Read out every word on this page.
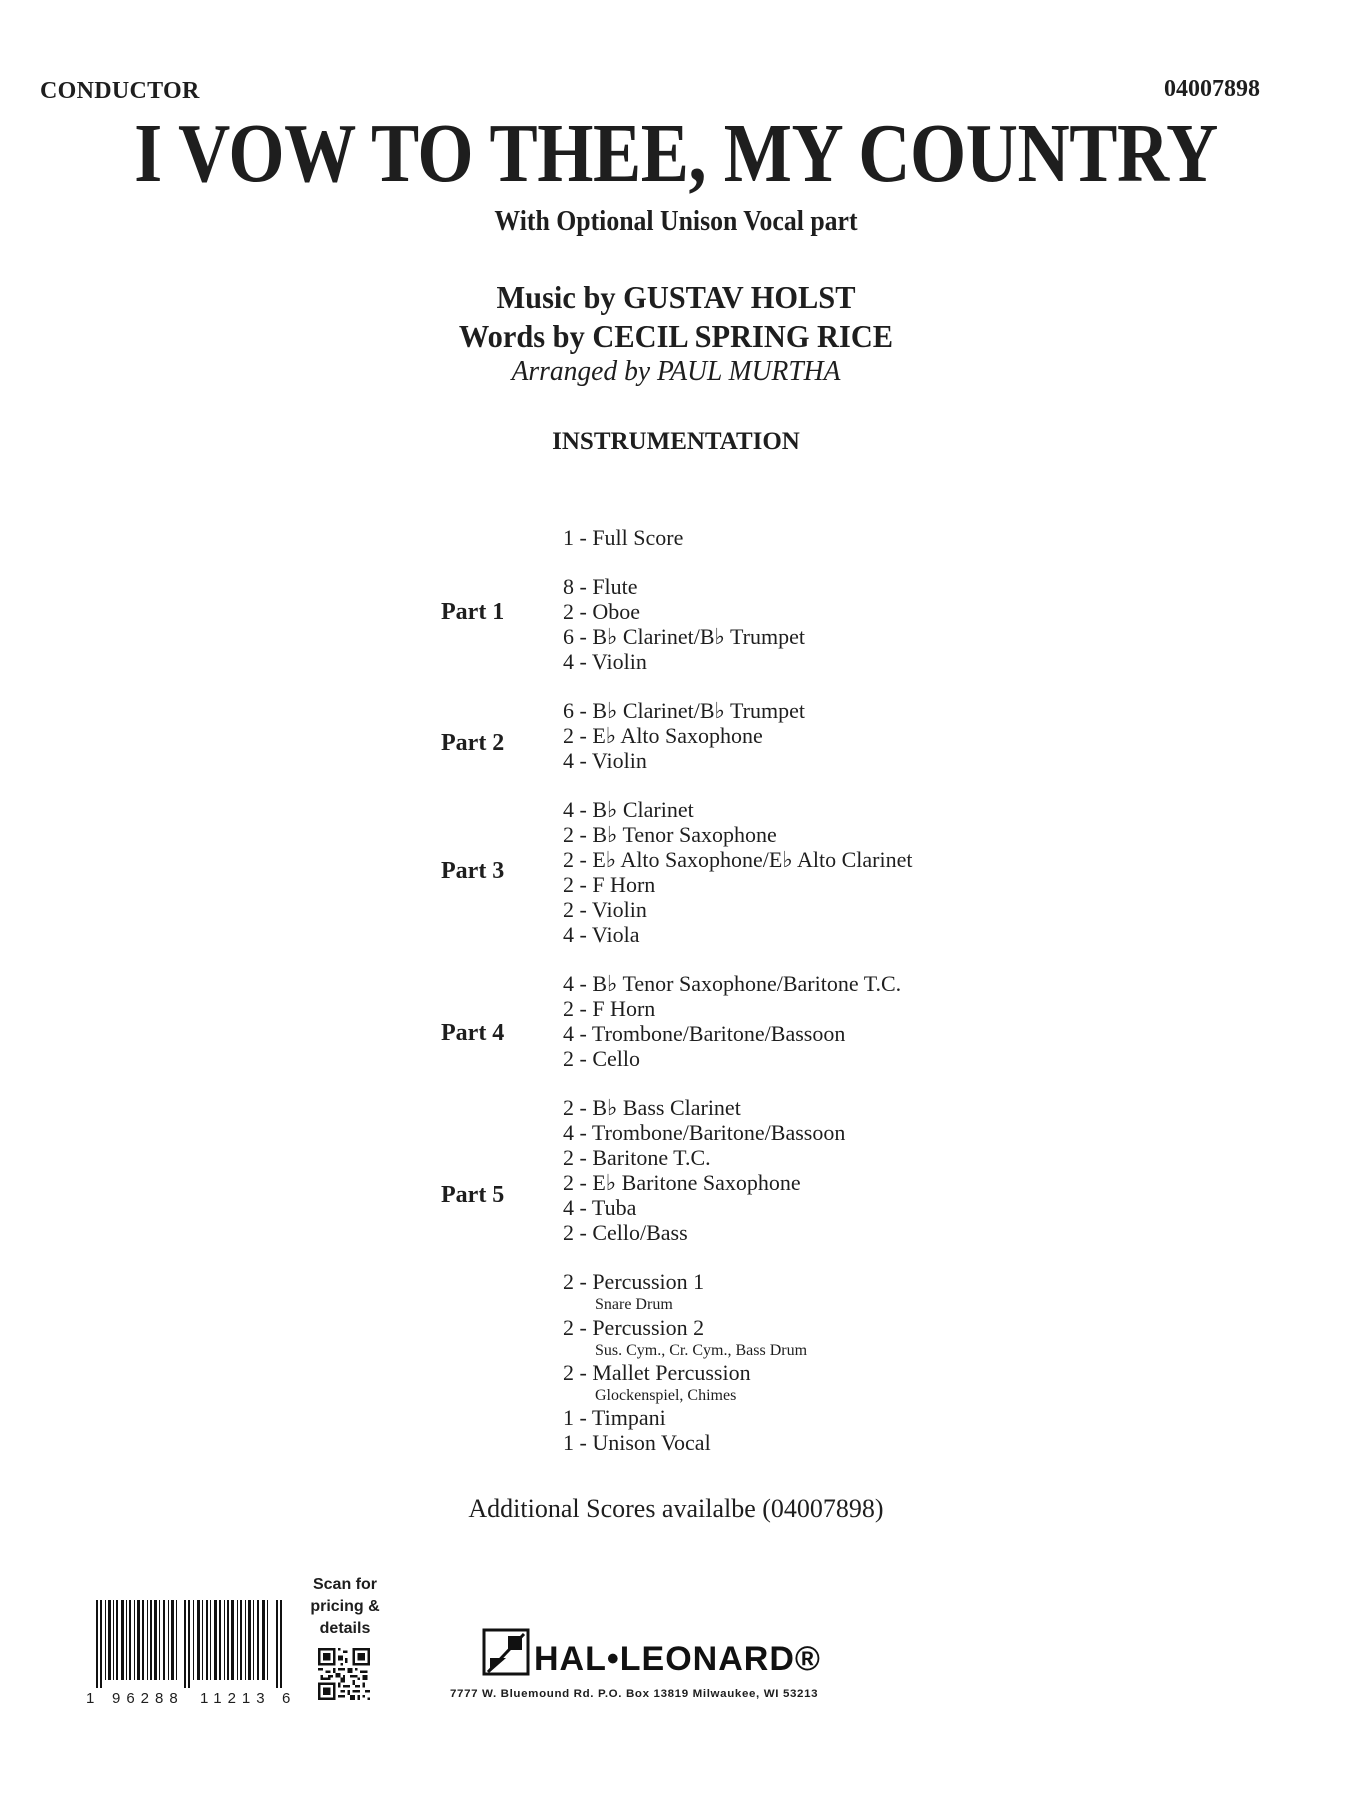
CONDUCTOR	04007898
I VOW TO THEE, MY COUNTRY
With Optional Unison Vocal part
Music by GUSTAV HOLST
Words by CECIL SPRING RICE
Arranged by PAUL MURTHA
INSTRUMENTATION
1 - Full Score
Part 1
8 - Flute
2 - Oboe
6 - B♭ Clarinet/B♭ Trumpet
4 - Violin
Part 2
6 - B♭ Clarinet/B♭ Trumpet
2 - E♭ Alto Saxophone
4 - Violin
Part 3
4 - B♭ Clarinet
2 - B♭ Tenor Saxophone
2 - E♭ Alto Saxophone/E♭ Alto Clarinet
2 - F Horn
2 - Violin
4 - Viola
Part 4
4 - B♭ Tenor Saxophone/Baritone T.C.
2 - F Horn
4 - Trombone/Baritone/Bassoon
2 - Cello
Part 5
2 - B♭ Bass Clarinet
4 - Trombone/Baritone/Bassoon
2 - Baritone T.C.
2 - E♭ Baritone Saxophone
4 - Tuba
2 - Cello/Bass
2 - Percussion 1
Snare Drum
2 - Percussion 2
Sus. Cym., Cr. Cym., Bass Drum
2 - Mallet Percussion
Glockenspiel, Chimes
1 - Timpani
1 - Unison Vocal
Additional Scores availalbe (04007898)
1 96288 11213 6
Scan for
pricing &
details
HAL•LEONARD®
7777 W. Bluemound Rd. P.O. Box 13819 Milwaukee, WI 53213
